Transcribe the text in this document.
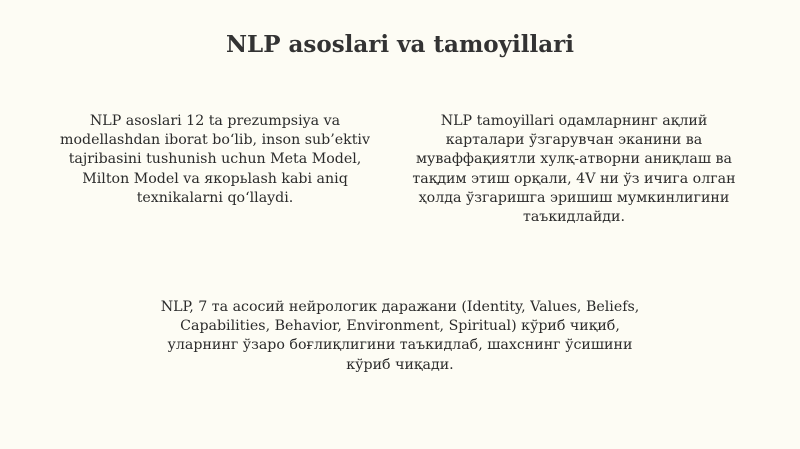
NLP asoslari va tamoyillari

NLP asoslari 12 ta prezumpsiya va modellashdan iborat bo‘lib, inson sub’ektiv tajribasini tushunish uchun Meta Model, Milton Model va якорьlash kabi aniq texnikalarni qo‘llaydi.

NLP tamoyillari одамларнинг ақлий карталари ўзгарувчан эканини ва муваффақиятли хулқ-атворни аниқлаш ва тақдим этиш орқали, 4V ни ўз ичига олган ҳолда ўзгаришга эришиш мумкинлигини таъкидлайди.

NLP, 7 та асосий нейрологик даражани (Identity, Values, Beliefs, Capabilities, Behavior, Environment, Spiritual) кўриб чиқиб, уларнинг ўзаро боғлиқлигини таъкидлаб, шахснинг ўсишини кўриб чиқади.
